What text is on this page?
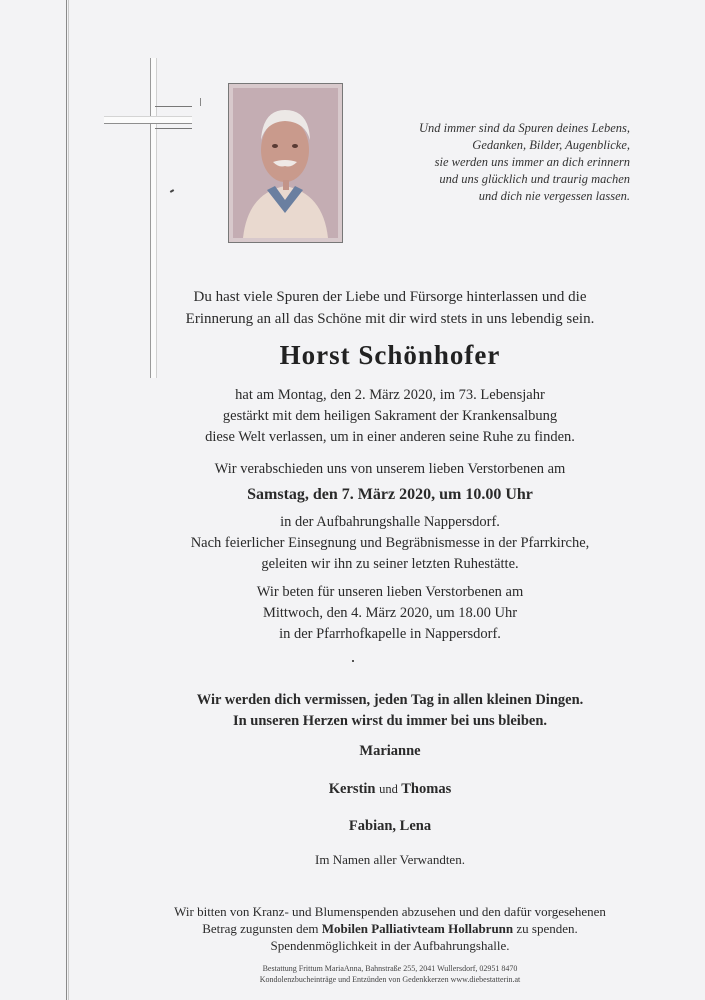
Und immer sind da Spuren deines Lebens,
Gedanken, Bilder, Augenblicke,
sie werden uns immer an dich erinnern
und uns glücklich und traurig machen
und dich nie vergessen lassen.
Du hast viele Spuren der Liebe und Fürsorge hinterlassen und die
Erinnerung an all das Schöne mit dir wird stets in uns lebendig sein.
Horst Schönhofer
hat am Montag, den 2. März 2020, im 73. Lebensjahr
gestärkt mit dem heiligen Sakrament der Krankensalbung
diese Welt verlassen, um in einer anderen seine Ruhe zu finden.
Wir verabschieden uns von unserem lieben Verstorbenen am
Samstag, den 7. März 2020, um 10.00 Uhr
in der Aufbahrungshalle Nappersdorf.
Nach feierlicher Einsegnung und Begräbnismesse in der Pfarrkirche,
geleiten wir ihn zu seiner letzten Ruhestätte.
Wir beten für unseren lieben Verstorbenen am
Mittwoch, den 4. März 2020, um 18.00 Uhr
in der Pfarrhofkapelle in Nappersdorf.
Wir werden dich vermissen, jeden Tag in allen kleinen Dingen.
In unseren Herzen wirst du immer bei uns bleiben.
Marianne
Kerstin und Thomas
Fabian, Lena
Im Namen aller Verwandten.
Wir bitten von Kranz- und Blumenspenden abzusehen und den dafür vorgesehenen
Betrag zugunsten dem Mobilen Palliativteam Hollabrunn zu spenden.
Spendenmöglichkeit in der Aufbahrungshalle.
Bestattung Frittum MariaAnna, Bahnstraße 255, 2041 Wullersdorf, 02951 8470
Kondolenzbucheinträge und Entzünden von Gedenkkerzen www.diebestatterin.at
